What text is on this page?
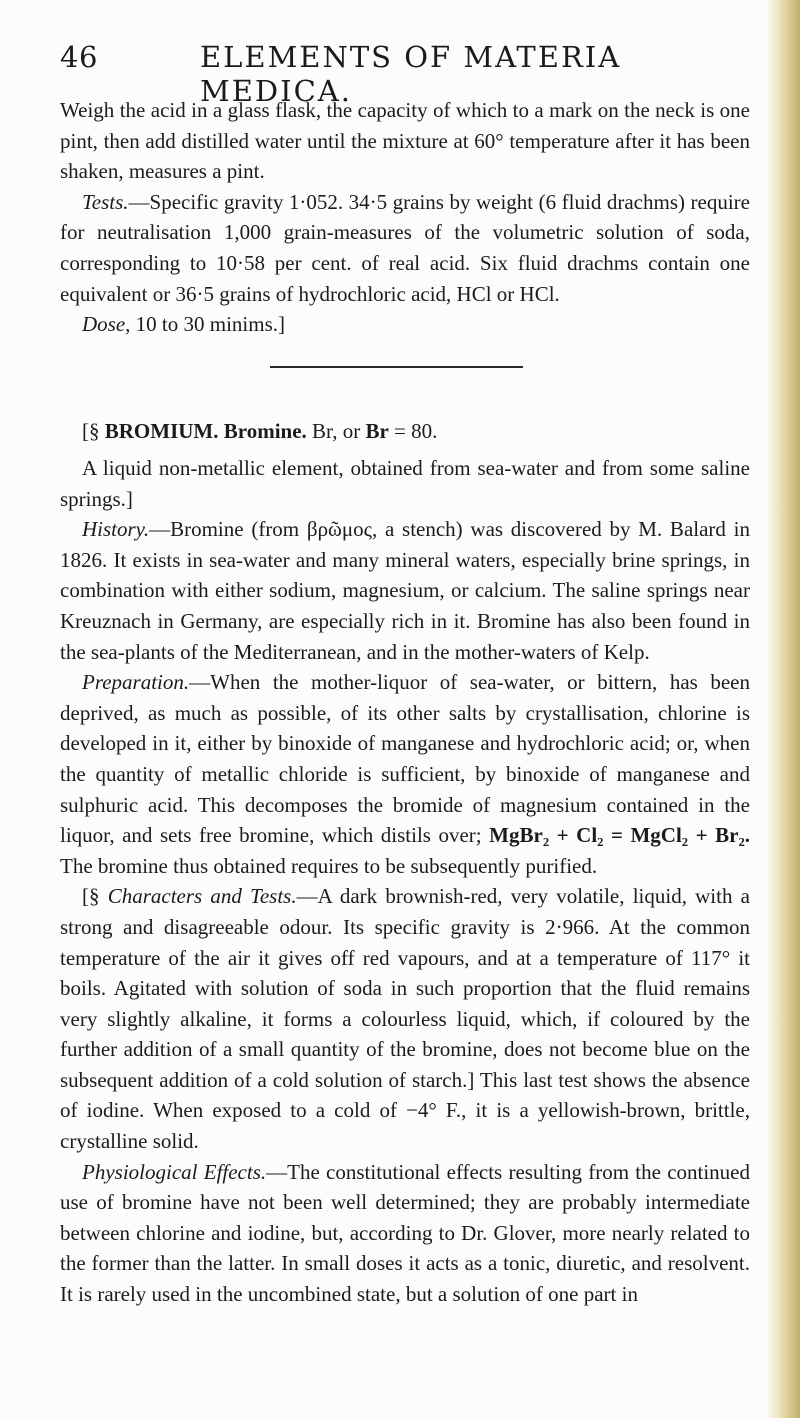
46	ELEMENTS OF MATERIA MEDICA.

Weigh the acid in a glass flask, the capacity of which to a mark on the neck is one pint, then add distilled water until the mixture at 60° temperature after it has been shaken, measures a pint.

Tests.—Specific gravity 1·052. 34·5 grains by weight (6 fluid drachms) require for neutralisation 1,000 grain-measures of the volumetric solution of soda, corresponding to 10·58 per cent. of real acid. Six fluid drachms contain one equivalent or 36·5 grains of hydrochloric acid, HCl or HCl.

Dose, 10 to 30 minims.]

[§ BROMIUM. Bromine. Br, or Br = 80.

A liquid non-metallic element, obtained from sea-water and from some saline springs.]

History.—Bromine (from βρῶμος, a stench) was discovered by M. Balard in 1826. It exists in sea-water and many mineral waters, especially brine springs, in combination with either sodium, magnesium, or calcium. The saline springs near Kreuznach in Germany, are especially rich in it. Bromine has also been found in the sea-plants of the Mediterranean, and in the mother-waters of Kelp.

Preparation.—When the mother-liquor of sea-water, or bittern, has been deprived, as much as possible, of its other salts by crystallisation, chlorine is developed in it, either by binoxide of manganese and hydrochloric acid; or, when the quantity of metallic chloride is sufficient, by binoxide of manganese and sulphuric acid. This decomposes the bromide of magnesium contained in the liquor, and sets free bromine, which distils over; MgBr₂ + Cl₂ = MgCl₂ + Br₂. The bromine thus obtained requires to be subsequently purified.

[§ Characters and Tests.—A dark brownish-red, very volatile, liquid, with a strong and disagreeable odour. Its specific gravity is 2·966. At the common temperature of the air it gives off red vapours, and at a temperature of 117° it boils. Agitated with solution of soda in such proportion that the fluid remains very slightly alkaline, it forms a colourless liquid, which, if coloured by the further addition of a small quantity of the bromine, does not become blue on the subsequent addition of a cold solution of starch.] This last test shows the absence of iodine. When exposed to a cold of −4° F., it is a yellowish-brown, brittle, crystalline solid.

Physiological Effects.—The constitutional effects resulting from the continued use of bromine have not been well determined; they are probably intermediate between chlorine and iodine, but, according to Dr. Glover, more nearly related to the former than the latter. In small doses it acts as a tonic, diuretic, and resolvent. It is rarely used in the uncombined state, but a solution of one part in
